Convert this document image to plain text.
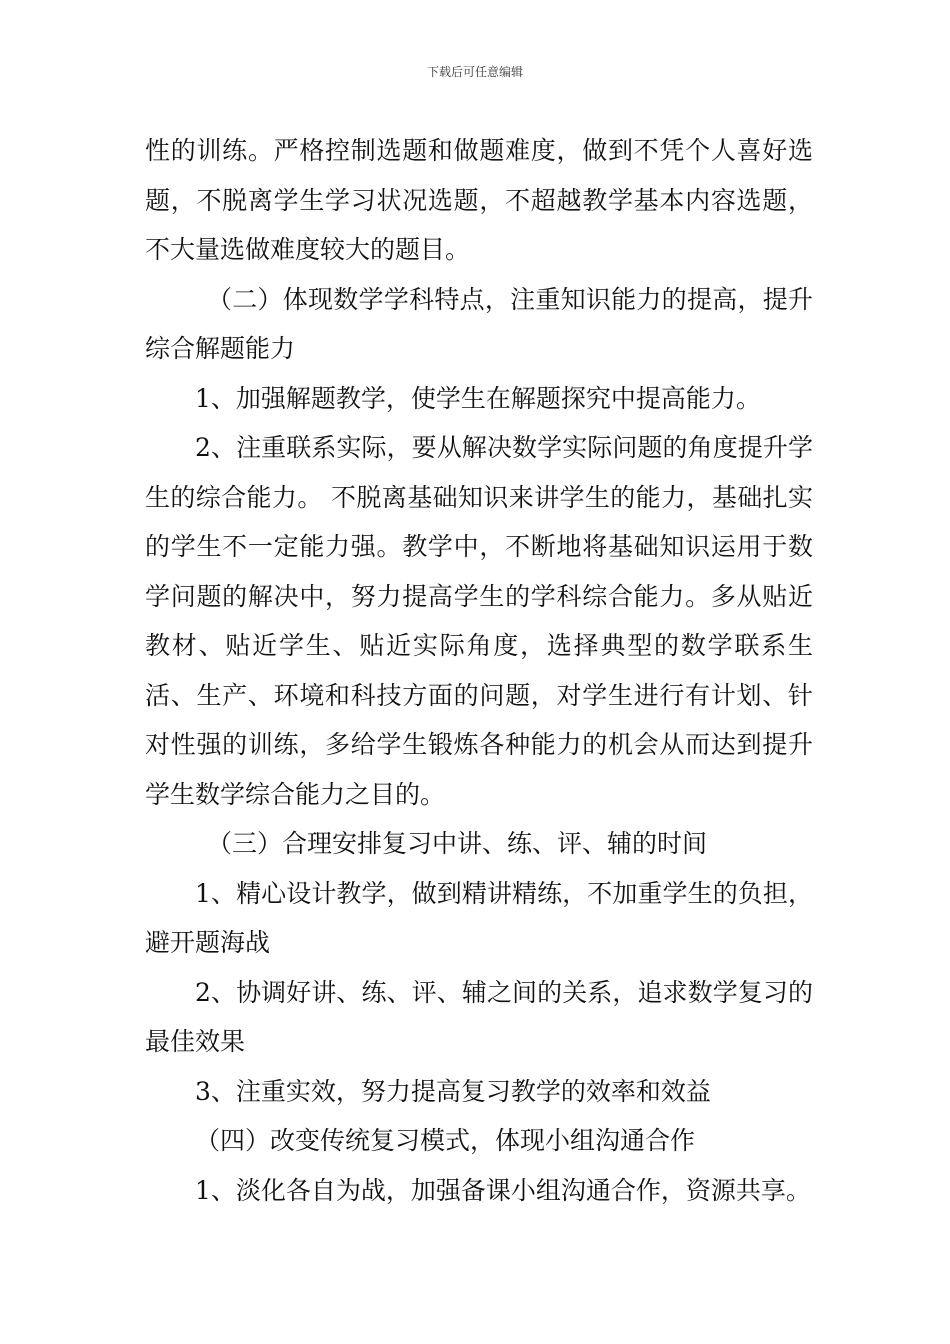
下载后可任意编辑

性的训练。严格控制选题和做题难度，做到不凭个人喜好选题，不脱离学生学习状况选题，不超越教学基本内容选题，不大量选做难度较大的题目。

（二）体现数学学科特点，注重知识能力的提高，提升综合解题能力

1、加强解题教学，使学生在解题探究中提高能力。

2、注重联系实际，要从解决数学实际问题的角度提升学生的综合能力。 不脱离基础知识来讲学生的能力，基础扎实的学生不一定能力强。教学中，不断地将基础知识运用于数学问题的解决中，努力提高学生的学科综合能力。多从贴近教材、贴近学生、贴近实际角度，选择典型的数学联系生活、生产、环境和科技方面的问题，对学生进行有计划、针对性强的训练，多给学生锻炼各种能力的机会从而达到提升学生数学综合能力之目的。

（三）合理安排复习中讲、练、评、辅的时间

1、精心设计教学，做到精讲精练，不加重学生的负担，避开题海战

2、协调好讲、练、评、辅之间的关系，追求数学复习的最佳效果

3、注重实效，努力提高复习教学的效率和效益

（四）改变传统复习模式，体现小组沟通合作

1、淡化各自为战，加强备课小组沟通合作，资源共享。
